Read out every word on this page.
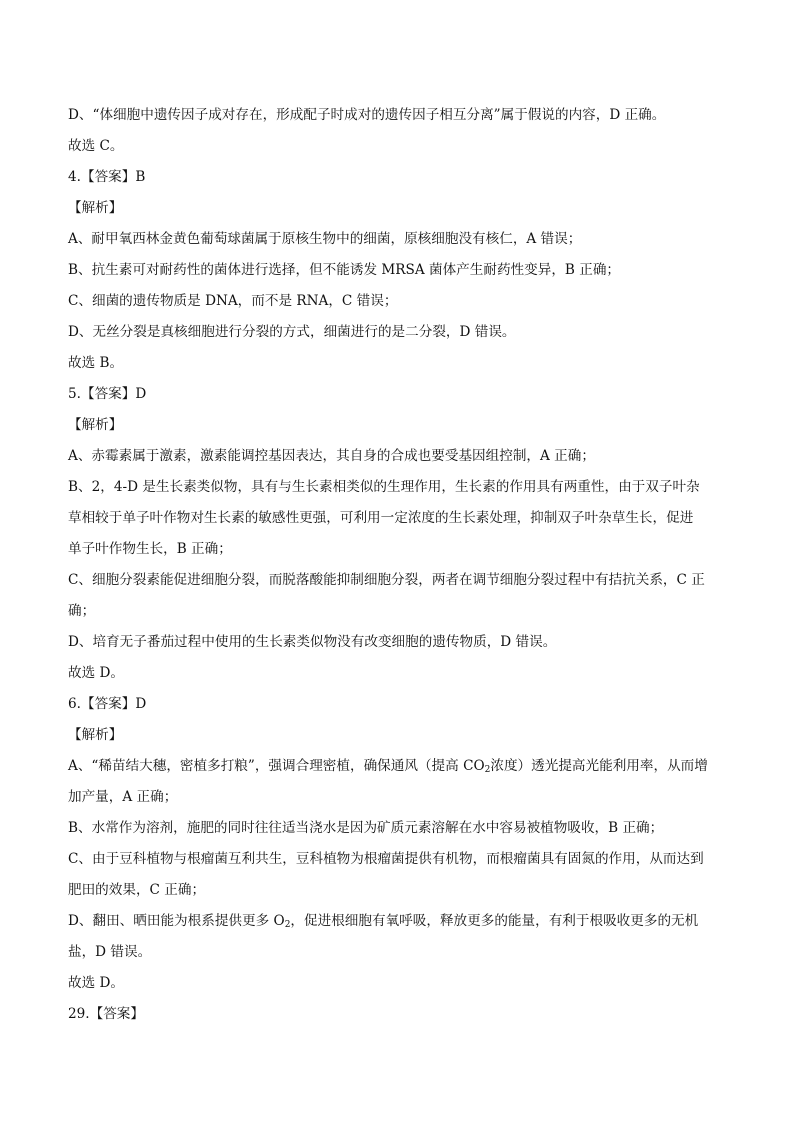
D、“体细胞中遗传因子成对存在，形成配子时成对的遗传因子相互分离”属于假说的内容，D 正确。
故选 C。
4.【答案】B
【解析】
A、耐甲氧西林金黄色葡萄球菌属于原核生物中的细菌，原核细胞没有核仁，A 错误；
B、抗生素可对耐药性的菌体进行选择，但不能诱发 MRSA 菌体产生耐药性变异，B 正确；
C、细菌的遗传物质是 DNA，而不是 RNA，C 错误；
D、无丝分裂是真核细胞进行分裂的方式，细菌进行的是二分裂，D 错误。
故选 B。
5.【答案】D
【解析】
A、赤霉素属于激素，激素能调控基因表达，其自身的合成也要受基因组控制，A 正确；
B、2，4-D 是生长素类似物，具有与生长素相类似的生理作用，生长素的作用具有两重性，由于双子叶杂
草相较于单子叶作物对生长素的敏感性更强，可利用一定浓度的生长素处理，抑制双子叶杂草生长，促进
单子叶作物生长，B 正确；
C、细胞分裂素能促进细胞分裂，而脱落酸能抑制细胞分裂，两者在调节细胞分裂过程中有拮抗关系，C 正
确；
D、培育无子番茄过程中使用的生长素类似物没有改变细胞的遗传物质，D 错误。
故选 D。
6.【答案】D
【解析】
A、“稀苗结大穗，密植多打粮”，强调合理密植，确保通风（提高 $CO_2$浓度）透光提高光能利用率，从而增
加产量，A 正确；
B、水常作为溶剂，施肥的同时往往适当浇水是因为矿质元素溶解在水中容易被植物吸收，B 正确；
C、由于豆科植物与根瘤菌互利共生，豆科植物为根瘤菌提供有机物，而根瘤菌具有固氮的作用，从而达到
肥田的效果，C 正确；
D、翻田、晒田能为根系提供更多 $O_2$，促进根细胞有氧呼吸，释放更多的能量，有利于根吸收更多的无机
盐，D 错误。
故选 D。
29.【答案】
